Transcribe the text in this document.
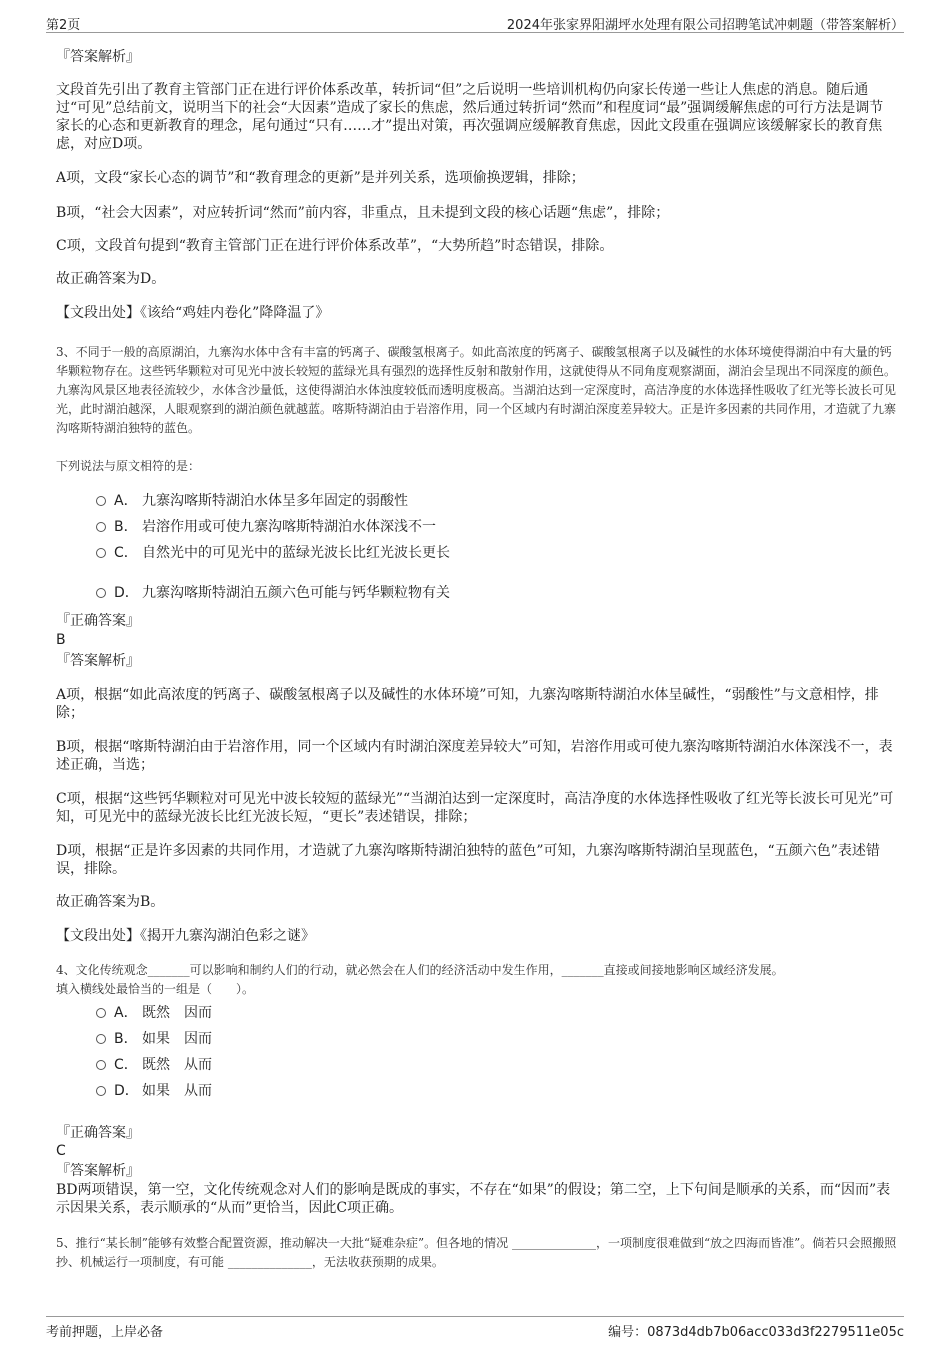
第2页	2024年张家界阳湖坪水处理有限公司招聘笔试冲刺题（带答案解析）
『答案解析』
文段首先引出了教育主管部门正在进行评价体系改革，转折词“但”之后说明一些培训机构仍向家长传递一些让人焦虑的消息。随后通过“可见”总结前文，说明当下的社会“大因素”造成了家长的焦虑，然后通过转折词“然而”和程度词“最”强调缓解焦虑的可行方法是调节家长的心态和更新教育的理念，尾句通过“只有……才”提出对策，再次强调应缓解教育焦虑，因此文段重在强调应该缓解家长的教育焦虑，对应D项。
A项，文段“家长心态的调节”和“教育理念的更新”是并列关系，选项偷换逻辑，排除；
B项，“社会大因素”，对应转折词“然而”前内容，非重点，且未提到文段的核心话题“焦虑”，排除；
C项，文段首句提到“教育主管部门正在进行评价体系改革”，“大势所趋”时态错误，排除。
故正确答案为D。
【文段出处】《该给“鸡娃内卷化”降降温了》
3、不同于一般的高原湖泊，九寨沟水体中含有丰富的钙离子、碳酸氢根离子。如此高浓度的钙离子、碳酸氢根离子以及碱性的水体环境使得湖泊中有大量的钙华颗粒物存在。这些钙华颗粒对可见光中波长较短的蓝绿光具有强烈的选择性反射和散射作用，这就使得从不同角度观察湖面，湖泊会呈现出不同深度的颜色。九寨沟风景区地表径流较少，水体含沙量低，这使得湖泊水体浊度较低而透明度极高。当湖泊达到一定深度时，高洁净度的水体选择性吸收了红光等长波长可见光，此时湖泊越深，人眼观察到的湖泊颜色就越蓝。喀斯特湖泊由于岩溶作用，同一个区域内有时湖泊深度差异较大。正是许多因素的共同作用，才造就了九寨沟喀斯特湖泊独特的蓝色。
下列说法与原文相符的是：
A． 九寨沟喀斯特湖泊水体呈多年固定的弱酸性
B． 岩溶作用或可使九寨沟喀斯特湖泊水体深浅不一
C． 自然光中的可见光中的蓝绿光波长比红光波长更长
D． 九寨沟喀斯特湖泊五颜六色可能与钙华颗粒物有关
『正确答案』
B
『答案解析』
A项，根据“如此高浓度的钙离子、碳酸氢根离子以及碱性的水体环境”可知，九寨沟喀斯特湖泊水体呈碱性，“弱酸性”与文意相悖，排除；
B项，根据“喀斯特湖泊由于岩溶作用，同一个区域内有时湖泊深度差异较大”可知，岩溶作用或可使九寨沟喀斯特湖泊水体深浅不一，表述正确，当选；
C项，根据“这些钙华颗粒对可见光中波长较短的蓝绿光”“当湖泊达到一定深度时，高洁净度的水体选择性吸收了红光等长波长可见光”可知，可见光中的蓝绿光波长比红光波长短，“更长”表述错误，排除；
D项，根据“正是许多因素的共同作用，才造就了九寨沟喀斯特湖泊独特的蓝色”可知，九寨沟喀斯特湖泊呈现蓝色，“五颜六色”表述错误，排除。
故正确答案为B。
【文段出处】《揭开九寨沟湖泊色彩之谜》
4、文化传统观念_______可以影响和制约人们的行动，就必然会在人们的经济活动中发生作用，_______直接或间接地影响区域经济发展。
填入横线处最恰当的一组是（　　）。
A． 既然　因而
B． 如果　因而
C． 既然　从而
D． 如果　从而
『正确答案』
C
『答案解析』
BD两项错误，第一空，文化传统观念对人们的影响是既成的事实，不存在“如果”的假设；第二空，上下句间是顺承的关系，而“因而”表示因果关系，表示顺承的“从而”更恰当，因此C项正确。
5、推行“某长制”能够有效整合配置资源，推动解决一大批“疑难杂症”。但各地的情况 ______________，一项制度很难做到“放之四海而皆准”。倘若只会照搬照抄、机械运行一项制度，有可能 ______________，无法收获预期的成果。
考前押题，上岸必备	编号：0873d4db7b06acc033d3f2279511e05c
